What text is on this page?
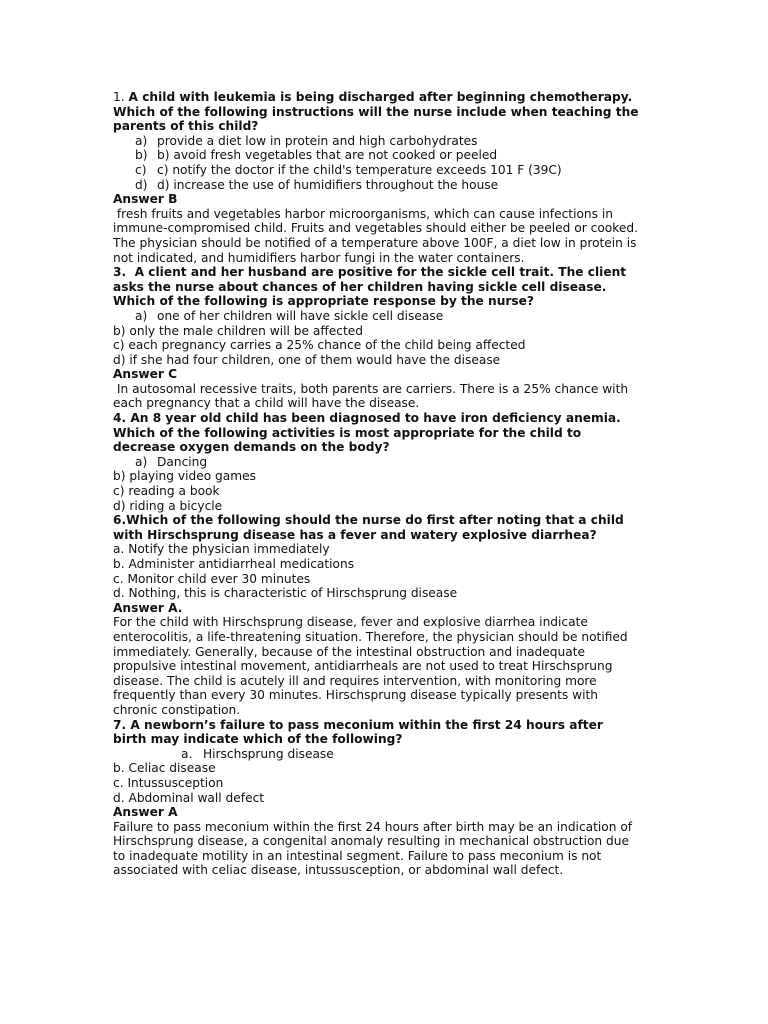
1. A child with leukemia is being discharged after beginning chemotherapy.
Which of the following instructions will the nurse include when teaching the
parents of this child?
a) provide a diet low in protein and high carbohydrates
b) b) avoid fresh vegetables that are not cooked or peeled
c) c) notify the doctor if the child's temperature exceeds 101 F (39C)
d) d) increase the use of humidifiers throughout the house
Answer B
fresh fruits and vegetables harbor microorganisms, which can cause infections in
immune-compromised child. Fruits and vegetables should either be peeled or cooked.
The physician should be notified of a temperature above 100F, a diet low in protein is
not indicated, and humidifiers harbor fungi in the water containers.
3.  A client and her husband are positive for the sickle cell trait. The client
asks the nurse about chances of her children having sickle cell disease.
Which of the following is appropriate response by the nurse?
a) one of her children will have sickle cell disease
b) only the male children will be affected
c) each pregnancy carries a 25% chance of the child being affected
d) if she had four children, one of them would have the disease
Answer C
In autosomal recessive traits, both parents are carriers. There is a 25% chance with
each pregnancy that a child will have the disease.
4. An 8 year old child has been diagnosed to have iron deficiency anemia.
Which of the following activities is most appropriate for the child to
decrease oxygen demands on the body?
a) Dancing
b) playing video games
c) reading a book
d) riding a bicycle
6.Which of the following should the nurse do first after noting that a child
with Hirschsprung disease has a fever and watery explosive diarrhea?
a. Notify the physician immediately
b. Administer antidiarrheal medications
c. Monitor child ever 30 minutes
d. Nothing, this is characteristic of Hirschsprung disease
Answer A.
For the child with Hirschsprung disease, fever and explosive diarrhea indicate
enterocolitis, a life-threatening situation. Therefore, the physician should be notified
immediately. Generally, because of the intestinal obstruction and inadequate
propulsive intestinal movement, antidiarrheals are not used to treat Hirschsprung
disease. The child is acutely ill and requires intervention, with monitoring more
frequently than every 30 minutes. Hirschsprung disease typically presents with
chronic constipation.
7. A newborn’s failure to pass meconium within the first 24 hours after
birth may indicate which of the following?
a. Hirschsprung disease
b. Celiac disease
c. Intussusception
d. Abdominal wall defect
Answer A
Failure to pass meconium within the first 24 hours after birth may be an indication of
Hirschsprung disease, a congenital anomaly resulting in mechanical obstruction due
to inadequate motility in an intestinal segment. Failure to pass meconium is not
associated with celiac disease, intussusception, or abdominal wall defect.
